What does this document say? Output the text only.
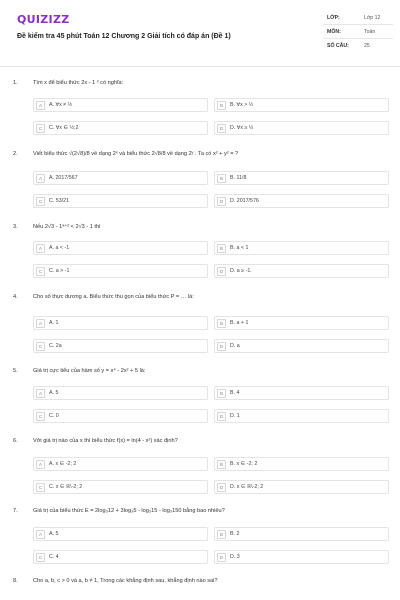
QUIZIZZ
Đề kiểm tra 45 phút Toán 12 Chương 2 Giải tích có đáp án (Đề 1)
LỚP:	Lớp 12
MÔN:	Toán
SỐ CÂU:	25
1.	Tìm x để biểu thức 2x - 1 ² có nghĩa:
A	A. ∀x ≠ ½	B	B. ∀x > ½
C	C. ∀x ∈ ½;2	D	D. ∀x ≥ ½
2.	Viết biểu thức √(2√8)/8 về dạng 2ˣ và biểu thức 2√8/8 về dạng 2ʸ . Ta có x² + y² = ?
A	A. 2017/567	B	B. 11/8
C	C. 53/21	D	D. 2017/576
3.	Nếu 2√3 - 1ᵃ⁺² < 2√3 - 1 thì
A	A. a < -1	B	B. a < 1
C	C. a > -1	D	D. a ≥ -1.
4.	Cho số thực dương a. Biểu thức thu gọn của biểu thức P = … là:
A	A. 1	B	B. a + 1
C	C. 2a	D	D. a
5.	Giá trị cực tiểu của hàm số y = x⁴ - 2x² + 5 là:
A	A. 5	B	B. 4
C	C. 0	D	D. 1
6.	Với giá trị nào của x thì biểu thức f(x) = ln(4 - x²) xác định?
A	A. x ∈ -2; 2	B	B. x ∈ -2; 2
C	C. x ∈ ℝ\-2; 2	D	D. x ∈ ℝ\-2; 2
7.	Giá trị của biểu thức E = 2log₃12 + 3log₃5 - log₃15 - log₃150 bằng bao nhiêu?
A	A. 5	B	B. 2
C	C. 4	D	D. 3
8.	Cho a, b, c > 0 và a, b ≠ 1, Trong các khẳng định sau, khẳng định nào sai?
